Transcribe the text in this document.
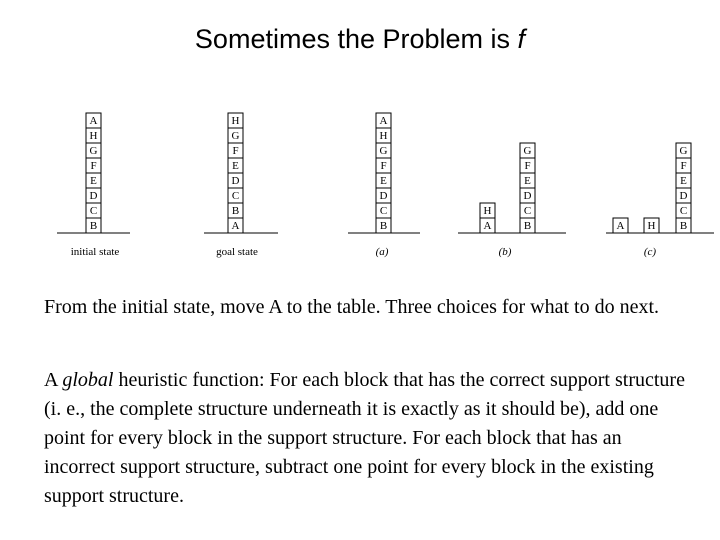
Sometimes the Problem is f
A
H
G
F
E
D
C
B
initial state
H
G
F
E
D
C
B
A
goal state
A
H
G
F
E
D
C
B
(a)
H
A
G
F
E
D
C
B
(b)
A H
G
F
E
D
C
B
(c)

From the initial state, move A to the table. Three choices for what to do next.

A global heuristic function: For each block that has the correct support structure (i. e., the complete structure underneath it is exactly as it should be), add one point for every block in the support structure. For each block that has an incorrect support structure, subtract one point for every block in the existing support structure.
